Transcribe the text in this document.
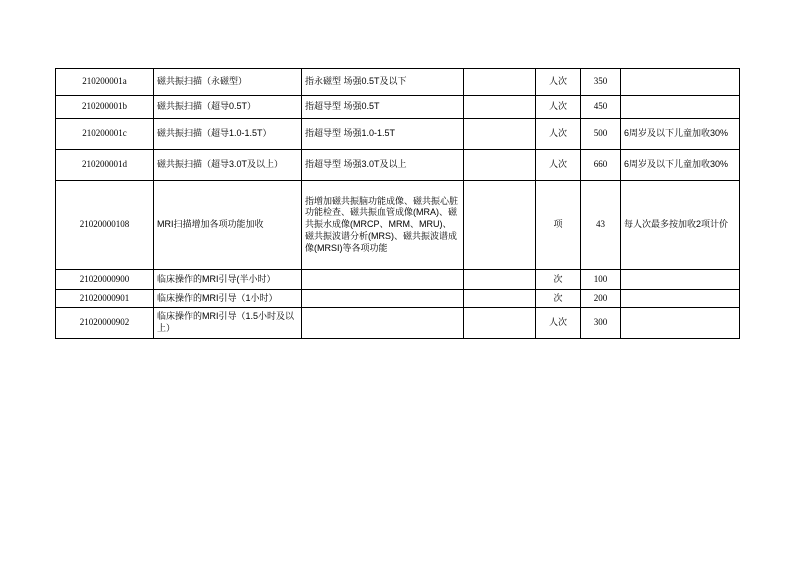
210200001a	磁共振扫描（永磁型）	指永磁型 场强0.5T及以下		人次	350	
210200001b	磁共振扫描（超导0.5T）	指超导型 场强0.5T		人次	450	
210200001c	磁共振扫描（超导1.0-1.5T）	指超导型 场强1.0-1.5T		人次	500	6周岁及以下儿童加收30%
210200001d	磁共振扫描（超导3.0T及以上）	指超导型 场强3.0T及以上		人次	660	6周岁及以下儿童加收30%
21020000108	MRI扫描增加各项功能加收	指增加磁共振脑功能成像、磁共振心脏功能检查、磁共振血管成像(MRA)、磁共振水成像(MRCP、MRM、MRU)、磁共振波谱分析(MRS)、磁共振波谱成像(MRSI)等各项功能		项	43	每人次最多按加收2项计价
21020000900	临床操作的MRI引导(半小时）			次	100	
21020000901	临床操作的MRI引导（1小时）			次	200	
21020000902	临床操作的MRI引导（1.5小时及以上）			人次	300	
